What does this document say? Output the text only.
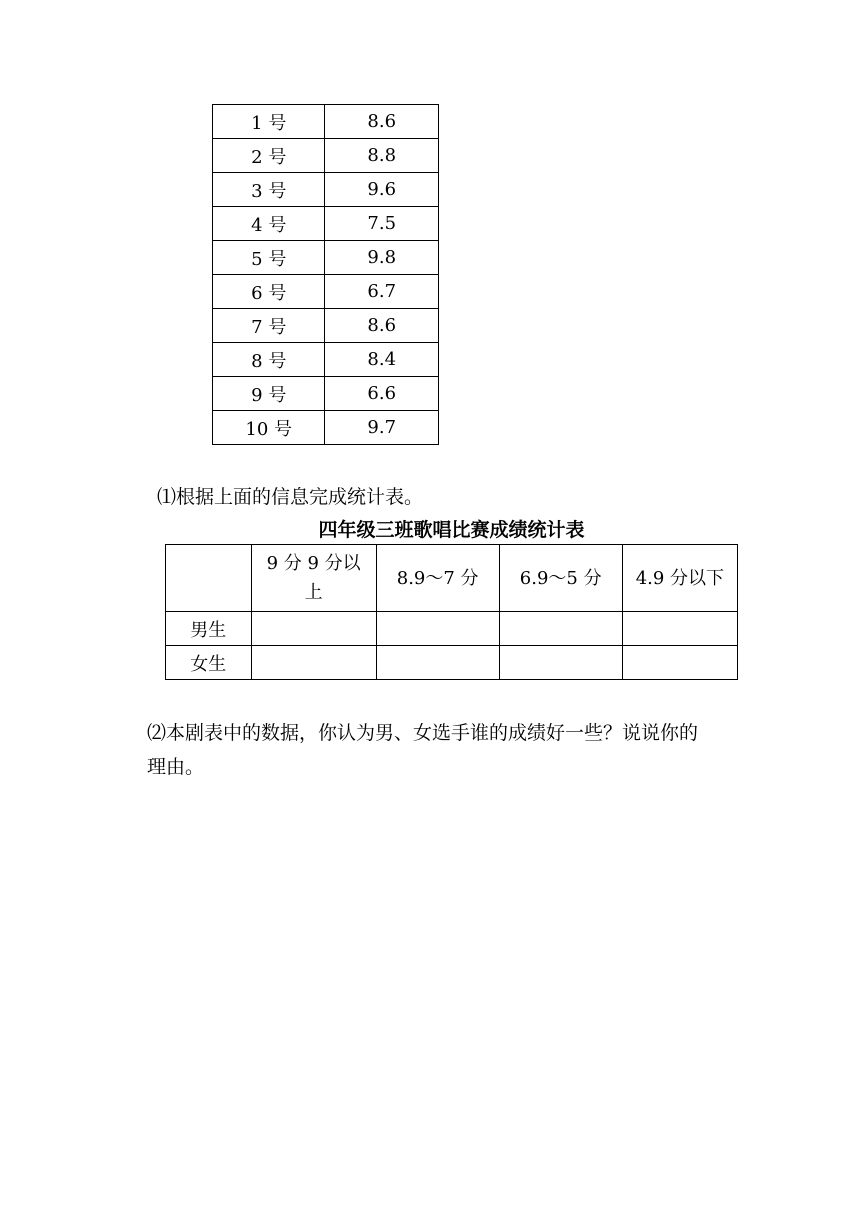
1 号	8.6
2 号	8.8
3 号	9.6
4 号	7.5
5 号	9.8
6 号	6.7
7 号	8.6
8 号	8.4
9 号	6.6
10 号	9.7
⑴根据上面的信息完成统计表。
四年级三班歌唱比赛成绩统计表
	9 分 9 分以上	8.9～7 分	6.9～5 分	4.9 分以下
男生				
女生				
⑵本剧表中的数据，你认为男、女选手谁的成绩好一些？说说你的
理由。
